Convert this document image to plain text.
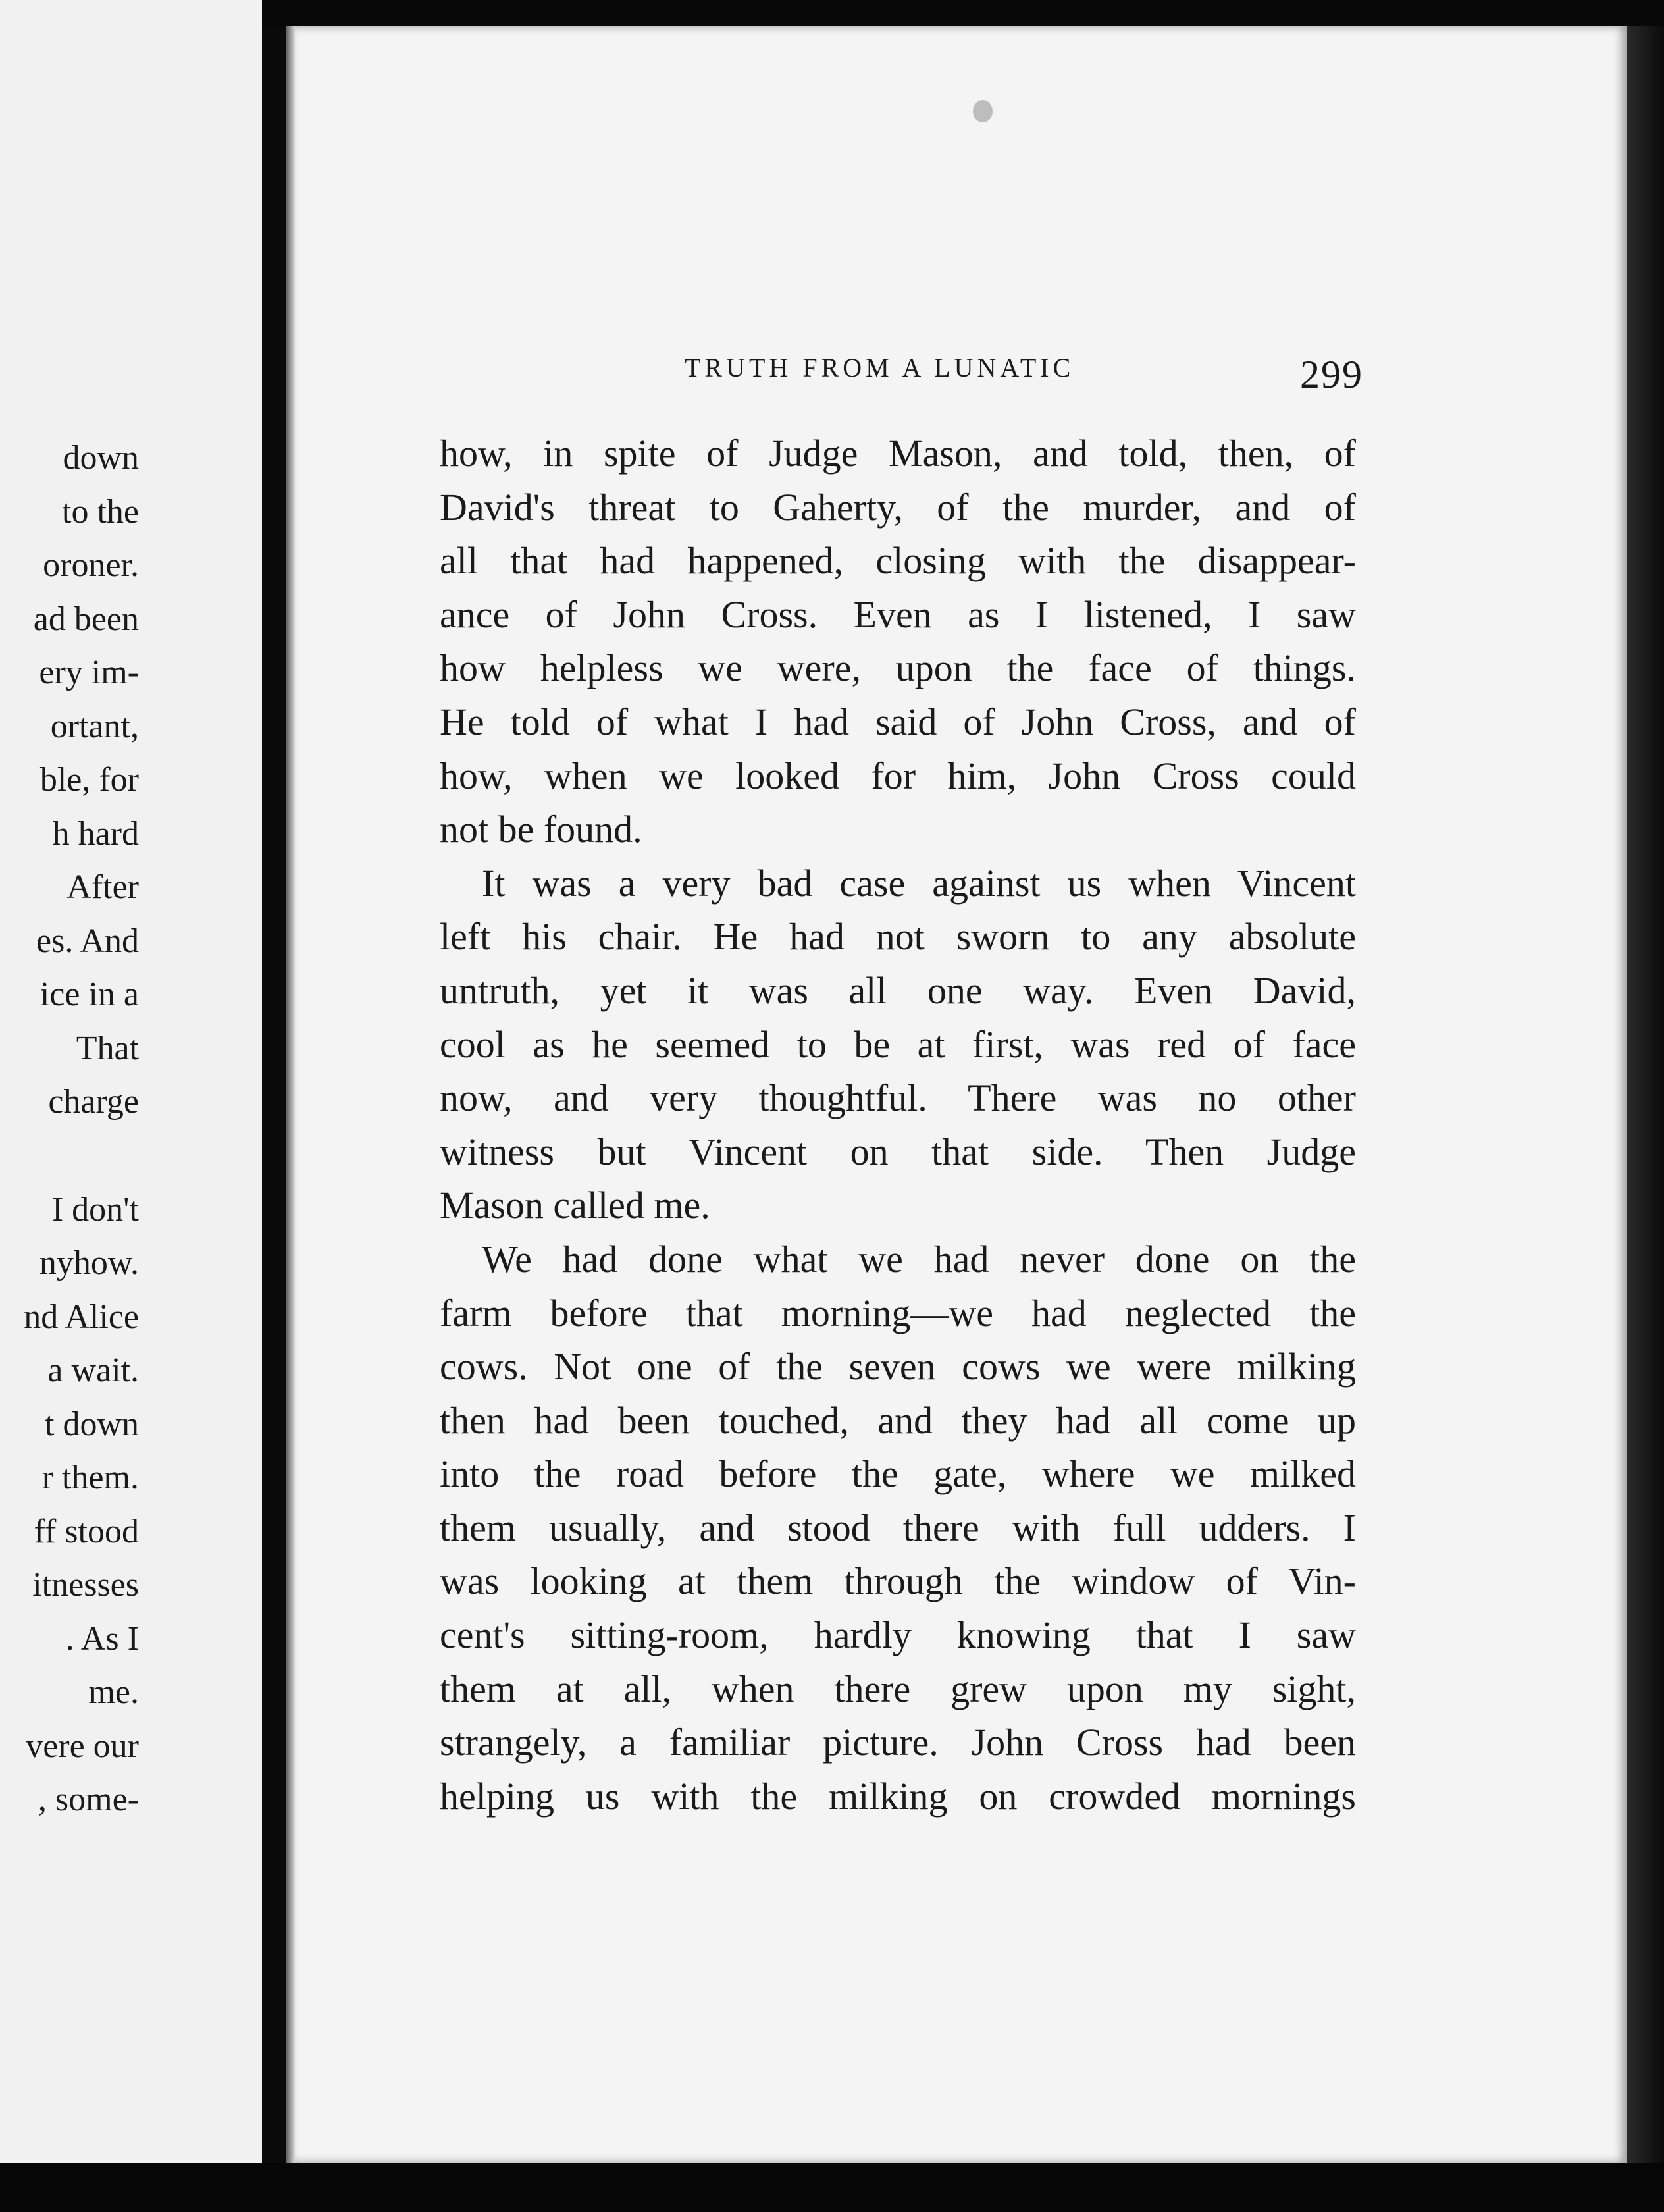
down
to the
oroner.
ad been
ery im-
ortant,
ble, for
h hard
After
es. And
ice in a
That
charge
I don't
nyhow.
nd Alice
a wait.
t down
r them.
ff stood
itnesses
. As I
me.
vere our
, some-
TRUTH FROM A LUNATIC	299
how, in spite of Judge Mason, and told, then, of
David's threat to Gaherty, of the murder, and of
all that had happened, closing with the disappear-
ance of John Cross. Even as I listened, I saw
how helpless we were, upon the face of things.
He told of what I had said of John Cross, and of
how, when we looked for him, John Cross could
not be found.
It was a very bad case against us when Vincent
left his chair. He had not sworn to any absolute
untruth, yet it was all one way. Even David,
cool as he seemed to be at first, was red of face
now, and very thoughtful. There was no other
witness but Vincent on that side. Then Judge
Mason called me.
We had done what we had never done on the
farm before that morning—we had neglected the
cows. Not one of the seven cows we were milking
then had been touched, and they had all come up
into the road before the gate, where we milked
them usually, and stood there with full udders. I
was looking at them through the window of Vin-
cent's sitting-room, hardly knowing that I saw
them at all, when there grew upon my sight,
strangely, a familiar picture. John Cross had been
helping us with the milking on crowded mornings
